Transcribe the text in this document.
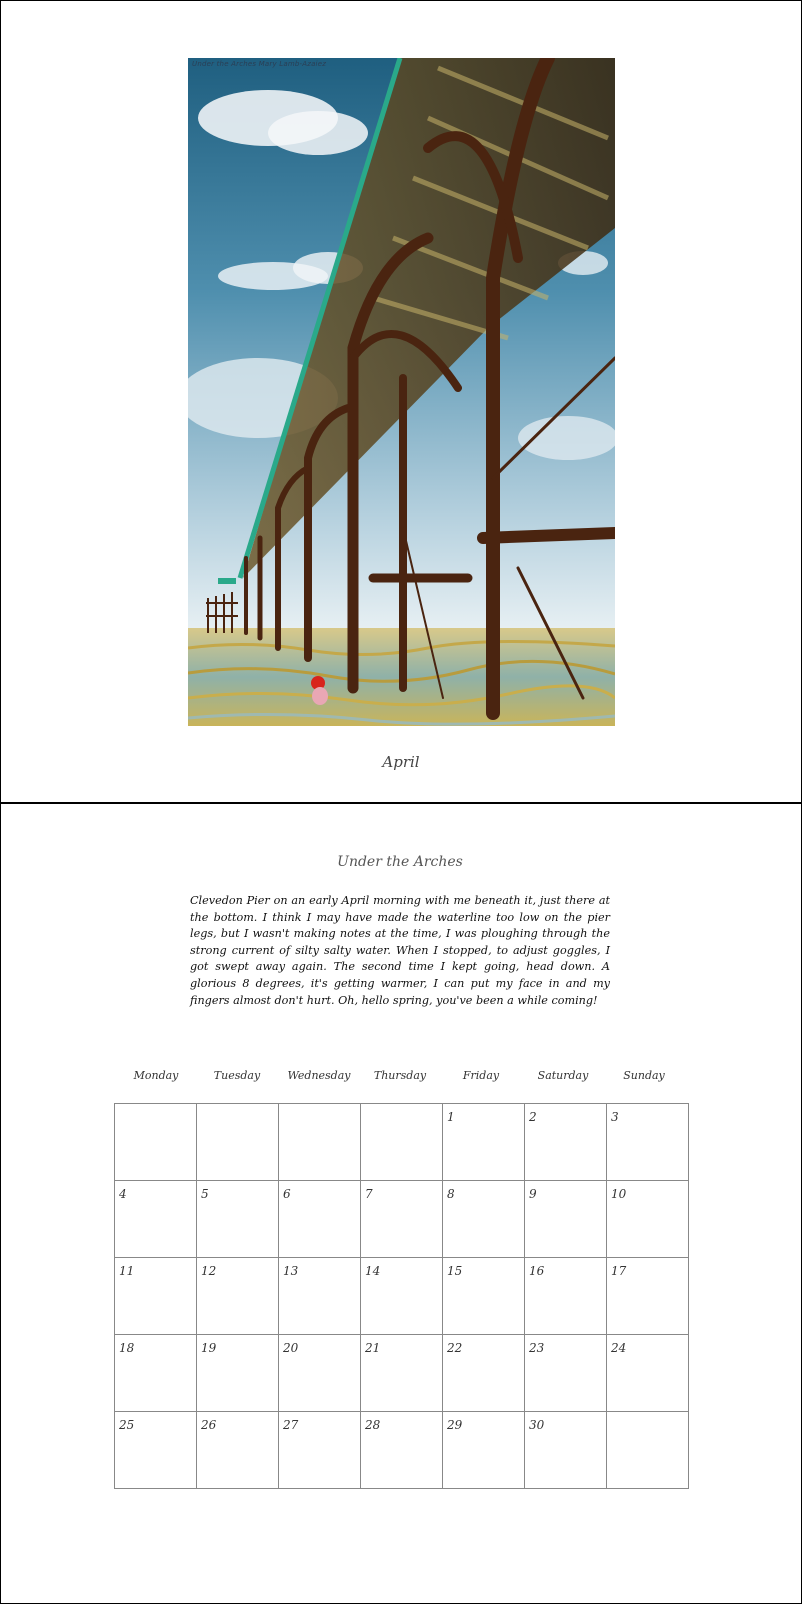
Under the Arches Mary Lamb-Azaiez
April
Under the Arches
Clevedon Pier on an early April morning with me beneath it, just there at the bottom. I think I may have made the waterline too low on the pier legs, but I wasn't making notes at the time, I was ploughing through the strong current of silty salty water. When I stopped, to adjust goggles, I got swept away again. The second time I kept going, head down. A glorious 8 degrees, it's getting warmer, I can put my face in and my fingers almost don't hurt. Oh, hello spring, you've been a while coming!
Monday	Tuesday	Wednesday	Thursday	Friday	Saturday	Sunday

				1	2	3

4	5	6	7	8	9	10

11	12	13	14	15	16	17

18	19	20	21	22	23	24

25	26	27	28	29	30	
